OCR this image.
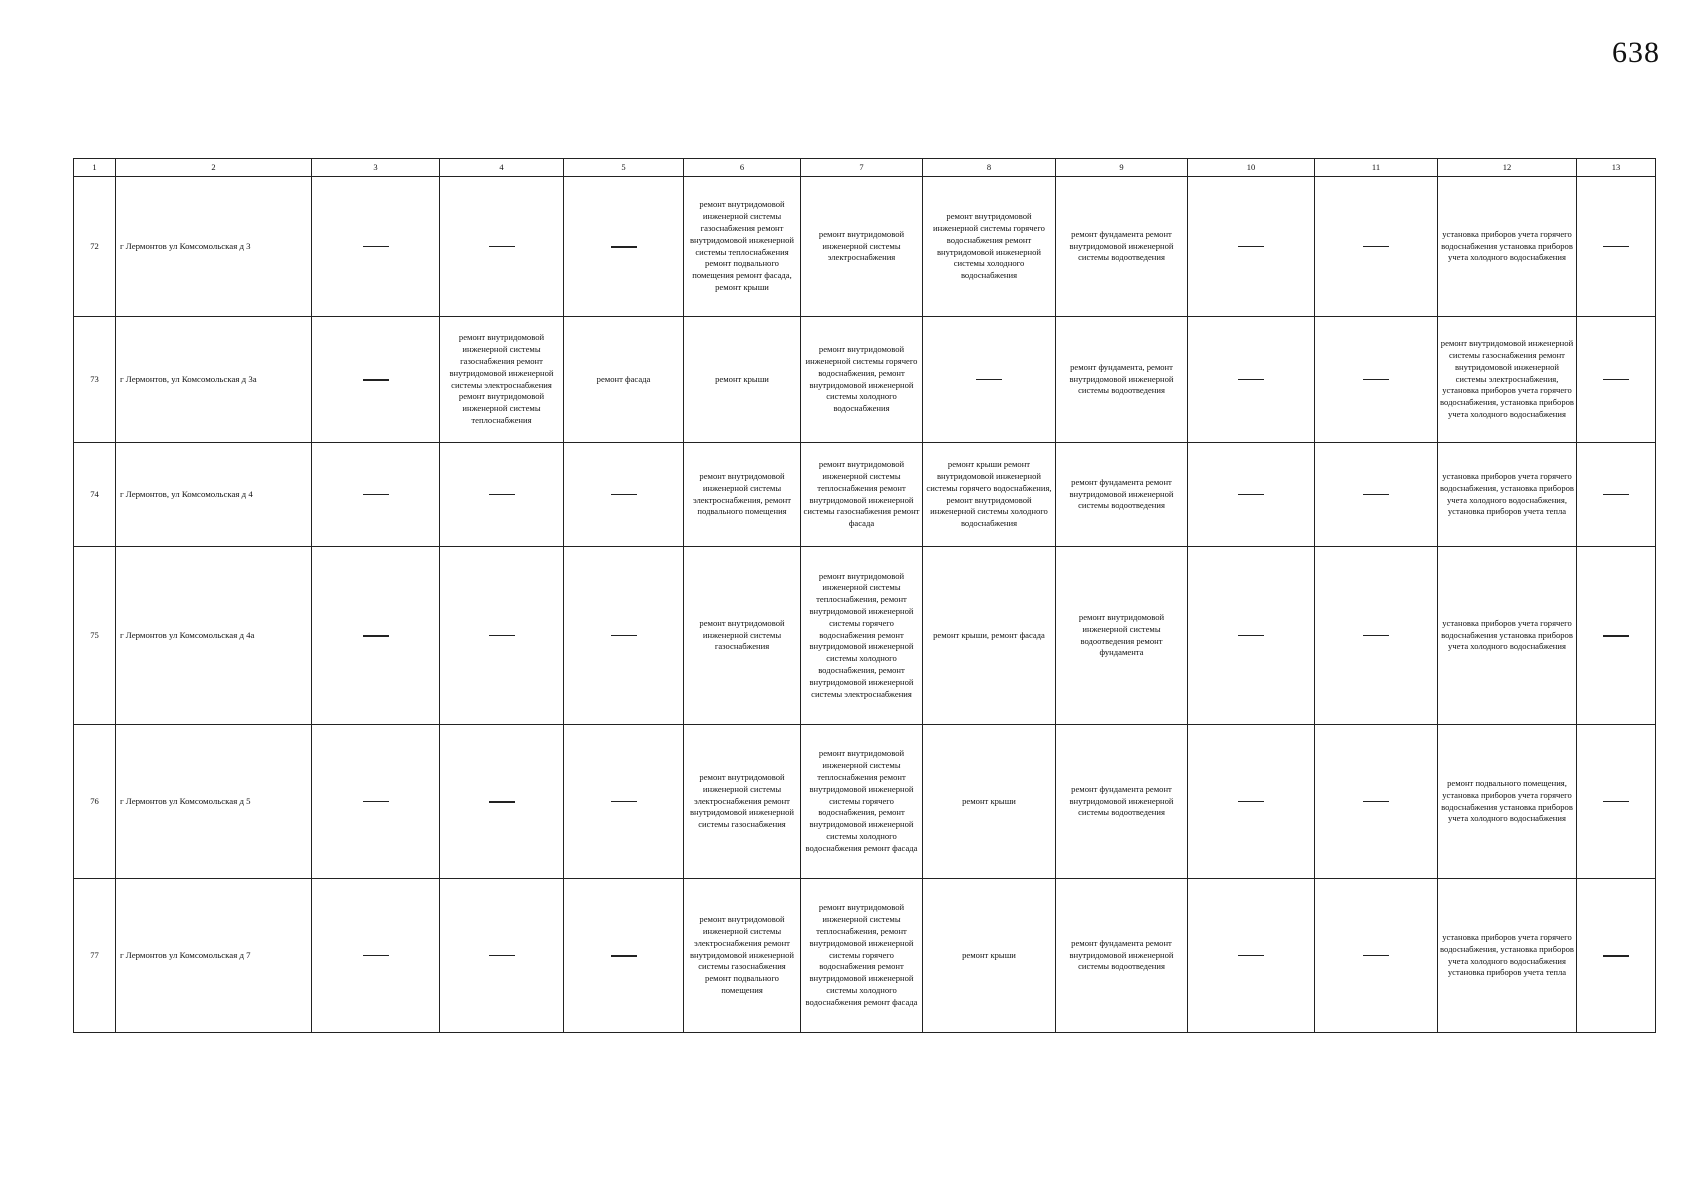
638
1	2	3	4	5	6	7	8	9	10	11	12	13
72	г Лермонтов ул Комсомольская д 3				ремонт внутридомовой инженерной системы газоснабжения ремонт внутридомовой инженерной системы теплоснабжения ремонт подвального помещения ремонт фасада, ремонт крыши	ремонт внутридомовой инженерной системы электроснабжения	ремонт внутридомовой инженерной системы горячего водоснабжения ремонт внутридомовой инженерной системы холодного водоснабжения	ремонт фундамента ремонт внутридомовой инженерной системы водоотведения			установка приборов учета горячего водоснабжения установка приборов учета холодного водоснабжения	
73	г Лермонтов, ул Комсомольская д 3а		ремонт внутридомовой инженерной системы газоснабжения ремонт внутридомовой инженерной системы электроснабжения ремонт внутридомовой инженерной системы теплоснабжения	ремонт фасада	ремонт крыши	ремонт внутридомовой инженерной системы горячего водоснабжения, ремонт внутридомовой инженерной системы холодного водоснабжения		ремонт фундамента, ремонт внутридомовой инженерной системы водоотведения			ремонт внутридомовой инженерной системы газоснабжения ремонт внутридомовой инженерной системы электроснабжения, установка приборов учета горячего водоснабжения, установка приборов учета холодного водоснабжения	
74	г Лермонтов, ул Комсомольская д 4				ремонт внутридомовой инженерной системы электроснабжения, ремонт подвального помещения	ремонт внутридомовой инженерной системы теплоснабжения ремонт внутридомовой инженерной системы газоснабжения ремонт фасада	ремонт крыши ремонт внутридомовой инженерной системы горячего водоснабжения, ремонт внутридомовой инженерной системы холодного водоснабжения	ремонт фундамента ремонт внутридомовой инженерной системы водоотведения			установка приборов учета горячего водоснабжения, установка приборов учета холодного водоснабжения, установка приборов учета тепла	
75	г Лермонтов ул Комсомольская д 4а				ремонт внутридомовой инженерной системы газоснабжения	ремонт внутридомовой инженерной системы теплоснабжения, ремонт внутридомовой инженерной системы горячего водоснабжения ремонт внутридомовой инженерной системы холодного водоснабжения, ремонт внутридомовой инженерной системы электроснабжения	ремонт крыши, ремонт фасада	ремонт внутридомовой инженерной системы водоотведения ремонт фундамента			установка приборов учета горячего водоснабжения установка приборов учета холодного водоснабжения	
76	г Лермонтов ул Комсомольская д 5				ремонт внутридомовой инженерной системы электроснабжения ремонт внутридомовой инженерной системы газоснабжения	ремонт внутридомовой инженерной системы теплоснабжения ремонт внутридомовой инженерной системы горячего водоснабжения, ремонт внутридомовой инженерной системы холодного водоснабжения ремонт фасада	ремонт крыши	ремонт фундамента ремонт внутридомовой инженерной системы водоотведения			ремонт подвального помещения, установка приборов учета горячего водоснабжения установка приборов учета холодного водоснабжения	
77	г Лермонтов ул Комсомольская д 7				ремонт внутридомовой инженерной системы электроснабжения ремонт внутридомовой инженерной системы газоснабжения ремонт подвального помещения	ремонт внутридомовой инженерной системы теплоснабжения, ремонт внутридомовой инженерной системы горячего водоснабжения ремонт внутридомовой инженерной системы холодного водоснабжения ремонт фасада	ремонт крыши	ремонт фундамента ремонт внутридомовой инженерной системы водоотведения			установка приборов учета горячего водоснабжения, установка приборов учета холодного водоснабжения установка приборов учета тепла	
